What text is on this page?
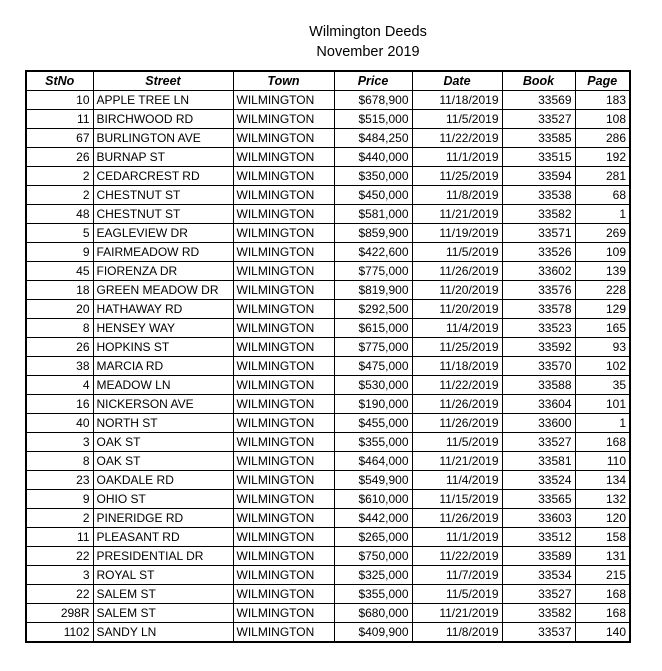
Wilmington Deeds
November 2019
StNo	Street	Town	Price	Date	Book	Page
10	APPLE TREE LN	WILMINGTON	$678,900	11/18/2019	33569	183
11	BIRCHWOOD RD	WILMINGTON	$515,000	11/5/2019	33527	108
67	BURLINGTON AVE	WILMINGTON	$484,250	11/22/2019	33585	286
26	BURNAP ST	WILMINGTON	$440,000	11/1/2019	33515	192
2	CEDARCREST RD	WILMINGTON	$350,000	11/25/2019	33594	281
2	CHESTNUT ST	WILMINGTON	$450,000	11/8/2019	33538	68
48	CHESTNUT ST	WILMINGTON	$581,000	11/21/2019	33582	1
5	EAGLEVIEW DR	WILMINGTON	$859,900	11/19/2019	33571	269
9	FAIRMEADOW RD	WILMINGTON	$422,600	11/5/2019	33526	109
45	FIORENZA DR	WILMINGTON	$775,000	11/26/2019	33602	139
18	GREEN MEADOW DR	WILMINGTON	$819,900	11/20/2019	33576	228
20	HATHAWAY RD	WILMINGTON	$292,500	11/20/2019	33578	129
8	HENSEY WAY	WILMINGTON	$615,000	11/4/2019	33523	165
26	HOPKINS ST	WILMINGTON	$775,000	11/25/2019	33592	93
38	MARCIA RD	WILMINGTON	$475,000	11/18/2019	33570	102
4	MEADOW LN	WILMINGTON	$530,000	11/22/2019	33588	35
16	NICKERSON AVE	WILMINGTON	$190,000	11/26/2019	33604	101
40	NORTH ST	WILMINGTON	$455,000	11/26/2019	33600	1
3	OAK ST	WILMINGTON	$355,000	11/5/2019	33527	168
8	OAK ST	WILMINGTON	$464,000	11/21/2019	33581	110
23	OAKDALE RD	WILMINGTON	$549,900	11/4/2019	33524	134
9	OHIO ST	WILMINGTON	$610,000	11/15/2019	33565	132
2	PINERIDGE RD	WILMINGTON	$442,000	11/26/2019	33603	120
11	PLEASANT RD	WILMINGTON	$265,000	11/1/2019	33512	158
22	PRESIDENTIAL DR	WILMINGTON	$750,000	11/22/2019	33589	131
3	ROYAL ST	WILMINGTON	$325,000	11/7/2019	33534	215
22	SALEM ST	WILMINGTON	$355,000	11/5/2019	33527	168
298R	SALEM ST	WILMINGTON	$680,000	11/21/2019	33582	168
1102	SANDY LN	WILMINGTON	$409,900	11/8/2019	33537	140
